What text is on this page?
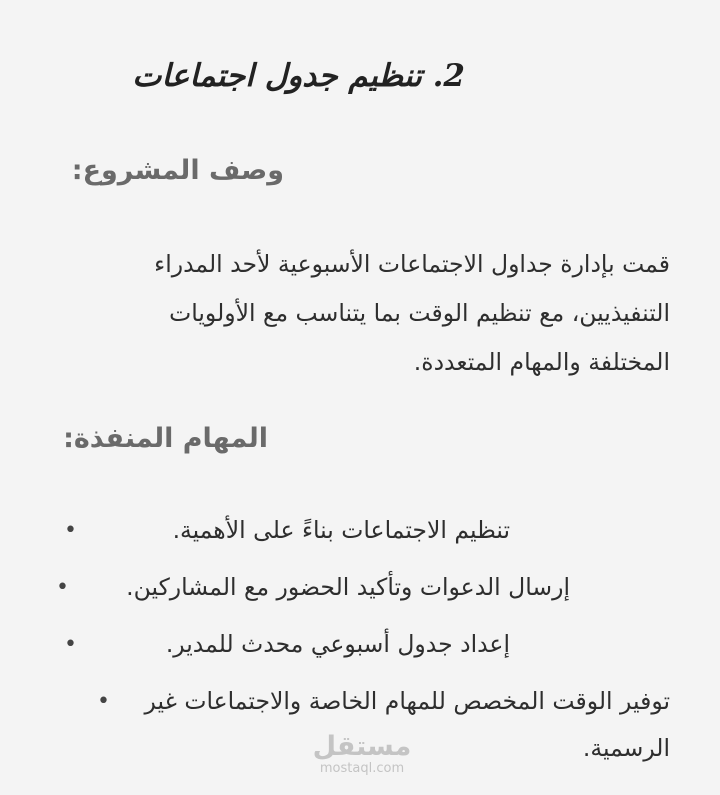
2. تنظيم جدول اجتماعات
وصف المشروع:

قمت بإدارة جداول الاجتماعات الأسبوعية لأحد المدراء التنفيذيين، مع تنظيم الوقت بما يتناسب مع الأولويات المختلفة والمهام المتعددة.

المهام المنفذة:
تنظيم الاجتماعات بناءً على الأهمية.
•
إرسال الدعوات وتأكيد الحضور مع المشاركين.
•
إعداد جدول أسبوعي محدث للمدير.
•
توفير الوقت المخصص للمهام الخاصة والاجتماعات غير الرسمية.
•
مستقل
mostaql.com
